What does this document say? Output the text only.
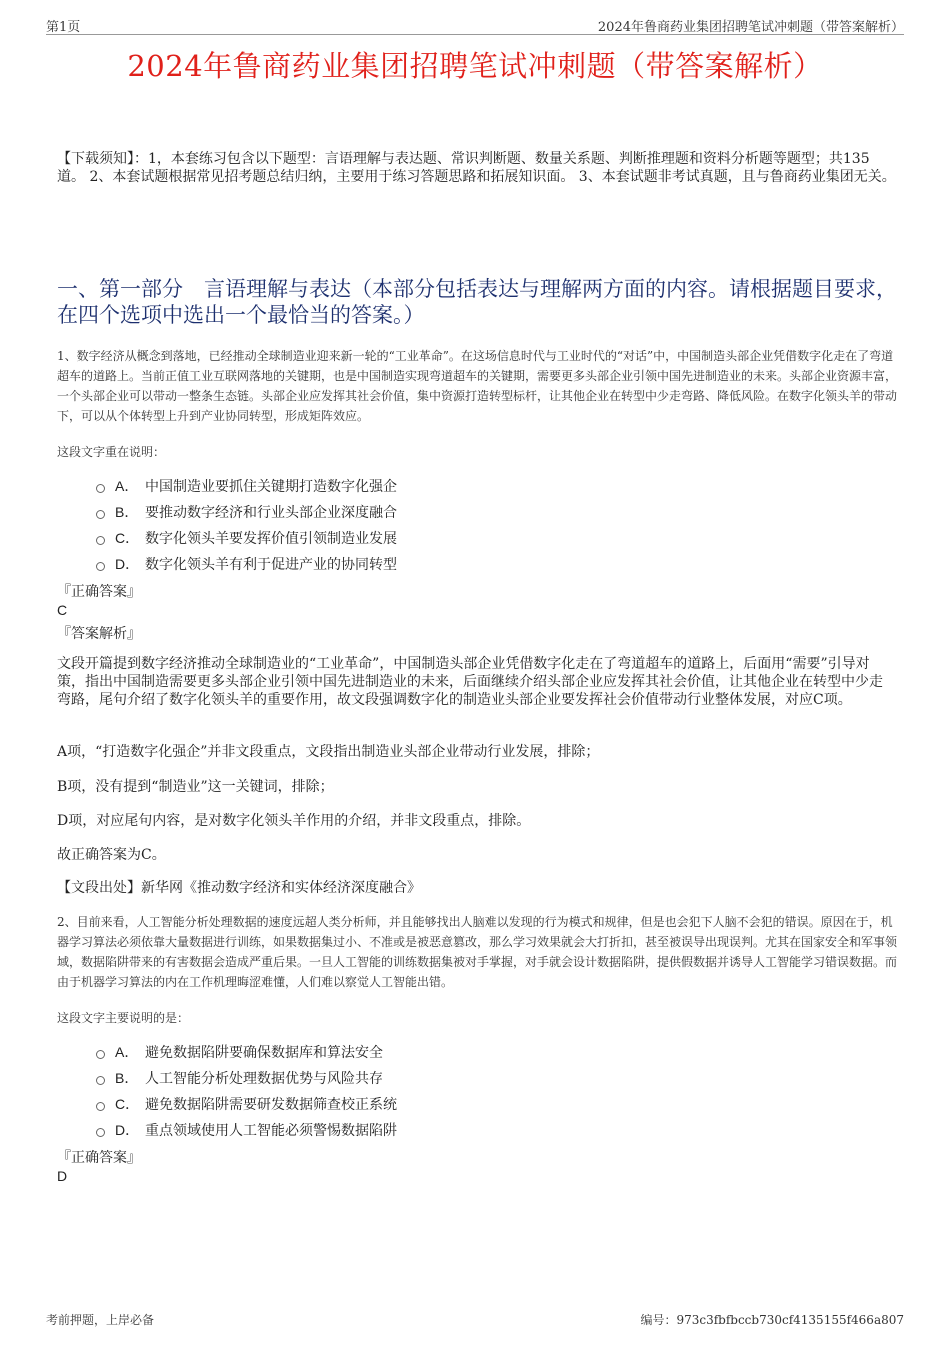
第1页	2024年鲁商药业集团招聘笔试冲刺题（带答案解析）
2024年鲁商药业集团招聘笔试冲刺题（带答案解析）
【下载须知】：1，本套练习包含以下题型：言语理解与表达题、常识判断题、数量关系题、判断推理题和资料分析题等题型；共135道。 2、本套试题根据常见招考题总结归纳，主要用于练习答题思路和拓展知识面。 3、本套试题非考试真题，且与鲁商药业集团无关。
一、第一部分　言语理解与表达（本部分包括表达与理解两方面的内容。请根据题目要求，在四个选项中选出一个最恰当的答案。）
1、数字经济从概念到落地，已经推动全球制造业迎来新一轮的“工业革命”。在这场信息时代与工业时代的“对话”中，中国制造头部企业凭借数字化走在了弯道超车的道路上。当前正值工业互联网落地的关键期，也是中国制造实现弯道超车的关键期，需要更多头部企业引领中国先进制造业的未来。头部企业资源丰富，一个头部企业可以带动一整条生态链。头部企业应发挥其社会价值，集中资源打造转型标杆，让其他企业在转型中少走弯路、降低风险。在数字化领头羊的带动下，可以从个体转型上升到产业协同转型，形成矩阵效应。
这段文字重在说明：
A． 中国制造业要抓住关键期打造数字化强企
B． 要推动数字经济和行业头部企业深度融合
C． 数字化领头羊要发挥价值引领制造业发展
D． 数字化领头羊有利于促进产业的协同转型
『正确答案』
C
『答案解析』
文段开篇提到数字经济推动全球制造业的“工业革命”，中国制造头部企业凭借数字化走在了弯道超车的道路上，后面用“需要”引导对策，指出中国制造需要更多头部企业引领中国先进制造业的未来，后面继续介绍头部企业应发挥其社会价值，让其他企业在转型中少走弯路，尾句介绍了数字化领头羊的重要作用，故文段强调数字化的制造业头部企业要发挥社会价值带动行业整体发展，对应C项。
A项，“打造数字化强企”并非文段重点，文段指出制造业头部企业带动行业发展，排除；
B项，没有提到“制造业”这一关键词，排除；
D项，对应尾句内容，是对数字化领头羊作用的介绍，并非文段重点，排除。
故正确答案为C。
【文段出处】新华网《推动数字经济和实体经济深度融合》
2、目前来看，人工智能分析处理数据的速度远超人类分析师，并且能够找出人脑难以发现的行为模式和规律，但是也会犯下人脑不会犯的错误。原因在于，机器学习算法必须依靠大量数据进行训练，如果数据集过小、不准或是被恶意篡改，那么学习效果就会大打折扣，甚至被误导出现误判。尤其在国家安全和军事领域，数据陷阱带来的有害数据会造成严重后果。一旦人工智能的训练数据集被对手掌握，对手就会设计数据陷阱，提供假数据并诱导人工智能学习错误数据。而由于机器学习算法的内在工作机理晦涩难懂，人们难以察觉人工智能出错。
这段文字主要说明的是：
A． 避免数据陷阱要确保数据库和算法安全
B． 人工智能分析处理数据优势与风险共存
C． 避免数据陷阱需要研发数据筛查校正系统
D． 重点领域使用人工智能必须警惕数据陷阱
『正确答案』
D
考前押题，上岸必备	编号：973c3fbfbccb730cf4135155f466a807
